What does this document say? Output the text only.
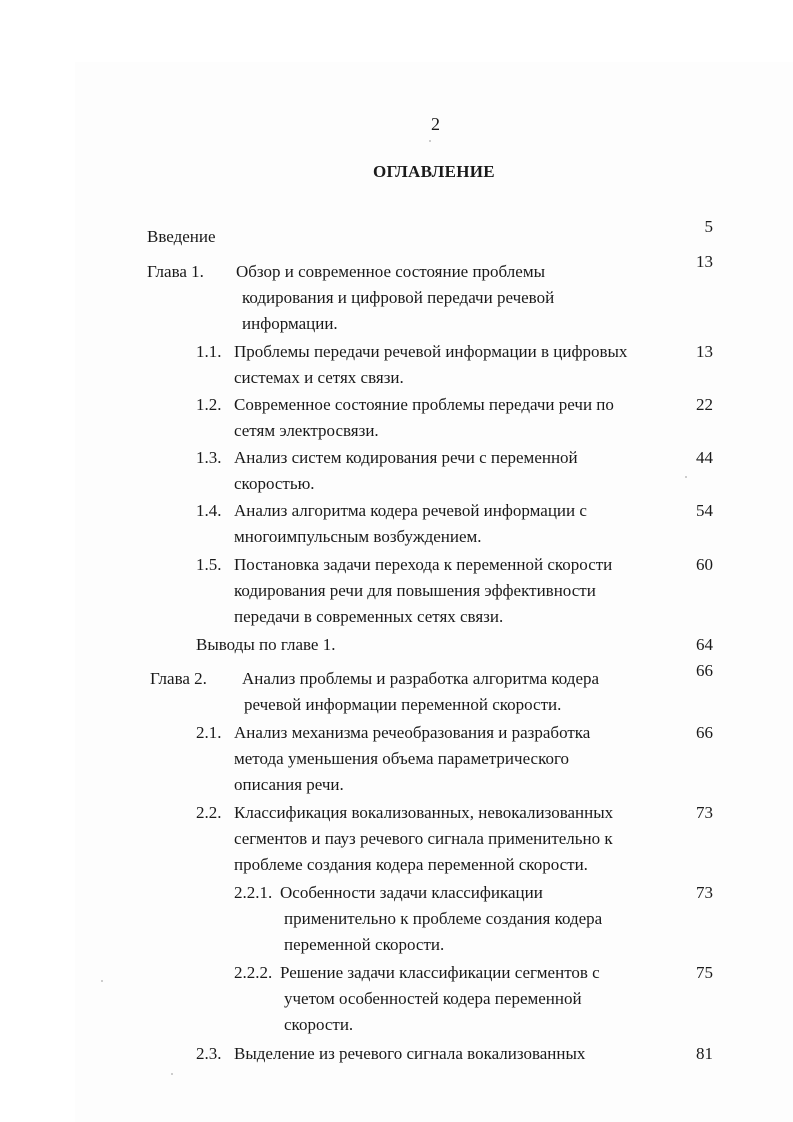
2
ОГЛАВЛЕНИЕ
Введение
5
Глава 1. Обзор и современное состояние проблемы
кодирования и цифровой передачи речевой
информации.
13
1.1. Проблемы передачи речевой информации в цифровых
системах и сетях связи.
13
1.2. Современное состояние проблемы передачи речи по
сетям электросвязи.
22
1.3. Анализ систем кодирования речи с переменной
скоростью.
44
1.4. Анализ алгоритма кодера речевой информации с
многоимпульсным возбуждением.
54
1.5. Постановка задачи перехода к переменной скорости
кодирования речи для повышения эффективности
передачи в современных сетях связи.
60
Выводы по главе 1.	64
Глава 2. Анализ проблемы и разработка алгоритма кодера
речевой информации переменной скорости.
66
2.1. Анализ механизма речеобразования и разработка
метода уменьшения объема параметрического
описания речи.
66
2.2. Классификация вокализованных, невокализованных
сегментов и пауз речевого сигнала применительно к
проблеме создания кодера переменной скорости.
73
2.2.1. Особенности задачи классификации
применительно к проблеме создания кодера
переменной скорости.
73
2.2.2. Решение задачи классификации сегментов с
учетом особенностей кодера переменной
скорости.
75
2.3. Выделение из речевого сигнала вокализованных	81
